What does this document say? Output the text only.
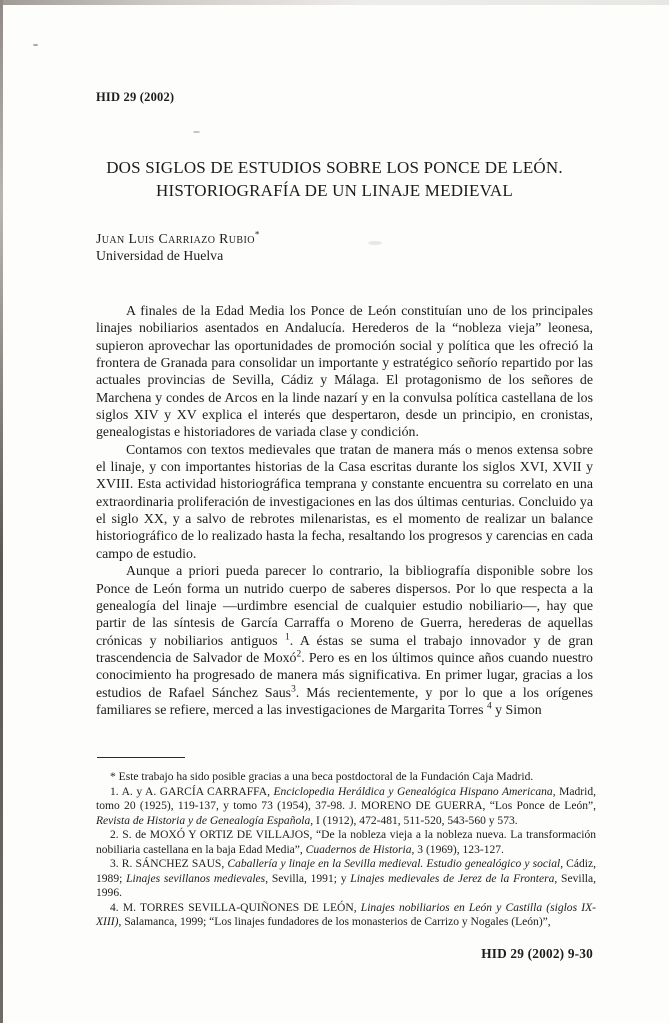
HID 29 (2002)
DOS SIGLOS DE ESTUDIOS SOBRE LOS PONCE DE LEÓN.
HISTORIOGRAFÍA DE UN LINAJE MEDIEVAL
Juan Luis Carriazo Rubio*
Universidad de Huelva

A finales de la Edad Media los Ponce de León constituían uno de los principales linajes nobiliarios asentados en Andalucía. Herederos de la “nobleza vieja” leonesa, supieron aprovechar las oportunidades de promoción social y política que les ofreció la frontera de Granada para consolidar un importante y estratégico señorío repartido por las actuales provincias de Sevilla, Cádiz y Málaga. El protagonismo de los señores de Marchena y condes de Arcos en la linde nazarí y en la convulsa política castellana de los siglos XIV y XV explica el interés que despertaron, desde un principio, en cronistas, genealogistas e historiadores de variada clase y condición.

Contamos con textos medievales que tratan de manera más o menos extensa sobre el linaje, y con importantes historias de la Casa escritas durante los siglos XVI, XVII y XVIII. Esta actividad historiográfica temprana y constante encuentra su correlato en una extraordinaria proliferación de investigaciones en las dos últimas centurias. Concluido ya el siglo XX, y a salvo de rebrotes milenaristas, es el momento de realizar un balance historiográfico de lo realizado hasta la fecha, resaltando los progresos y carencias en cada campo de estudio.

Aunque a priori pueda parecer lo contrario, la bibliografía disponible sobre los Ponce de León forma un nutrido cuerpo de saberes dispersos. Por lo que respecta a la genealogía del linaje —urdimbre esencial de cualquier estudio nobiliario—, hay que partir de las síntesis de García Carraffa o Moreno de Guerra, herederas de aquellas crónicas y nobiliarios antiguos $^1$. A éstas se suma el trabajo innovador y de gran trascendencia de Salvador de Moxó$^2$. Pero es en los últimos quince años cuando nuestro conocimiento ha progresado de manera más significativa. En primer lugar, gracias a los estudios de Rafael Sánchez Saus$^3$. Más recientemente, y por lo que a los orígenes familiares se refiere, merced a las investigaciones de Margarita Torres $^4$ y Simon

* Este trabajo ha sido posible gracias a una beca postdoctoral de la Fundación Caja Madrid.

1. A. y A. GARCÍA CARRAFFA, Enciclopedia Heráldica y Genealógica Hispano Americana, Madrid, tomo 20 (1925), 119-137, y tomo 73 (1954), 37-98. J. MORENO DE GUERRA, “Los Ponce de León”, Revista de Historia y de Genealogía Española, I (1912), 472-481, 511-520, 543-560 y 573.

2. S. de MOXÓ Y ORTIZ DE VILLAJOS, “De la nobleza vieja a la nobleza nueva. La transformación nobiliaria castellana en la baja Edad Media”, Cuadernos de Historia, 3 (1969), 123-127.

3. R. SÁNCHEZ SAUS, Caballería y linaje en la Sevilla medieval. Estudio genealógico y social, Cádiz, 1989; Linajes sevillanos medievales, Sevilla, 1991; y Linajes medievales de Jerez de la Frontera, Sevilla, 1996.

4. M. TORRES SEVILLA-QUIÑONES DE LEÓN, Linajes nobiliarios en León y Castilla (siglos IX-XIII), Salamanca, 1999; “Los linajes fundadores de los monasterios de Carrizo y Nogales (León)”,

HID 29 (2002) 9-30
